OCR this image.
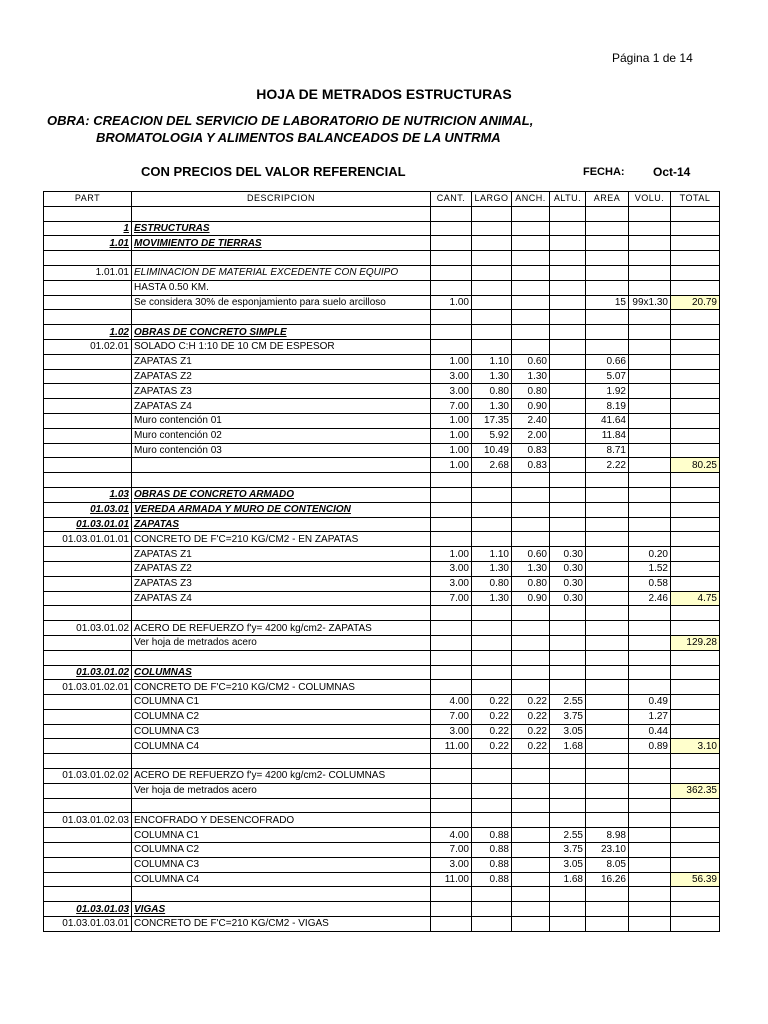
Página 1 de 14
HOJA DE METRADOS ESTRUCTURAS
OBRA: CREACION DEL SERVICIO DE LABORATORIO DE NUTRICION ANIMAL,
BROMATOLOGIA Y ALIMENTOS BALANCEADOS DE LA UNTRMA
CON PRECIOS DEL VALOR REFERENCIAL	FECHA: Oct-14
PART	DESCRIPCION	CANT.	LARGO	ANCH.	ALTU.	AREA	VOLU.	TOTAL

1	ESTRUCTURAS							
1.01	MOVIMIENTO DE TIERRAS							

1.01.01	ELIMINACION DE MATERIAL EXCEDENTE CON EQUIPO							
	HASTA 0.50 KM.							
	Se considera 30% de esponjamiento para suelo arcilloso	1.00				15	99x1.30	20.79

1.02	OBRAS DE CONCRETO SIMPLE							
01.02.01	SOLADO C:H 1:10 DE 10 CM DE ESPESOR							
	ZAPATAS Z1	1.00	1.10	0.60		0.66		
	ZAPATAS Z2	3.00	1.30	1.30		5.07		
	ZAPATAS Z3	3.00	0.80	0.80		1.92		
	ZAPATAS Z4	7.00	1.30	0.90		8.19		
	Muro contención 01	1.00	17.35	2.40		41.64		
	Muro contención 02	1.00	5.92	2.00		11.84		
	Muro contención 03	1.00	10.49	0.83		8.71		
		1.00	2.68	0.83		2.22		80.25

1.03	OBRAS DE CONCRETO ARMADO							
01.03.01	VEREDA ARMADA Y MURO DE CONTENCION							
01.03.01.01	ZAPATAS							
01.03.01.01.01	CONCRETO DE F'C=210 KG/CM2 - EN ZAPATAS							
	ZAPATAS Z1	1.00	1.10	0.60	0.30		0.20	
	ZAPATAS Z2	3.00	1.30	1.30	0.30		1.52	
	ZAPATAS Z3	3.00	0.80	0.80	0.30		0.58	
	ZAPATAS Z4	7.00	1.30	0.90	0.30		2.46	4.75

01.03.01.02	ACERO DE REFUERZO f'y= 4200 kg/cm2- ZAPATAS							
	Ver hoja de metrados acero							129.28

01.03.01.02	COLUMNAS							
01.03.01.02.01	CONCRETO DE F'C=210 KG/CM2 - COLUMNAS							
	COLUMNA C1	4.00	0.22	0.22	2.55		0.49	
	COLUMNA C2	7.00	0.22	0.22	3.75		1.27	
	COLUMNA C3	3.00	0.22	0.22	3.05		0.44	
	COLUMNA C4	11.00	0.22	0.22	1.68		0.89	3.10

01.03.01.02.02	ACERO DE REFUERZO f'y= 4200 kg/cm2- COLUMNAS							
	Ver hoja de metrados acero							362.35

01.03.01.02.03	ENCOFRADO Y DESENCOFRADO							
	COLUMNA C1	4.00	0.88		2.55	8.98		
	COLUMNA C2	7.00	0.88		3.75	23.10		
	COLUMNA C3	3.00	0.88		3.05	8.05		
	COLUMNA C4	11.00	0.88		1.68	16.26		56.39

01.03.01.03	VIGAS							
01.03.01.03.01	CONCRETO DE F'C=210 KG/CM2 - VIGAS							
